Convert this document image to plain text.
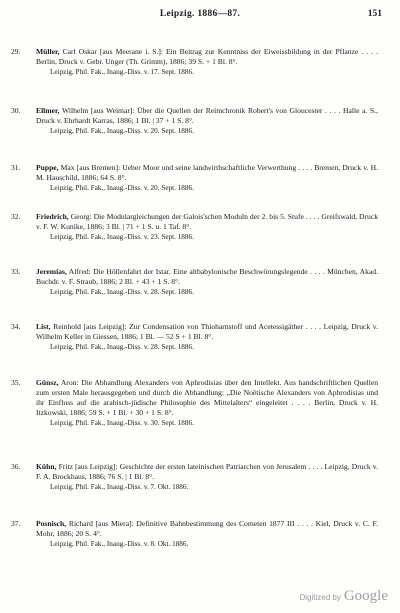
Leipzig. 1886—87.	151
29.	Müller, Carl Oskar [aus Meerane i. S.]: Ein Beitrag zur Kenntniss der Eiweissbildung in der Pflanze . . . . Berlin, Druck v. Gebr. Unger (Th. Grimm), 1886; 39 S. + 1 Bl. 8°.
Leipzig, Phil. Fak., Inaug.-Diss. v. 17. Sept. 1886.
30.	Ellmer, Wilhelm [aus Weimar]: Über die Quellen der Reimchronik Robert's von Gloucester . . . . Halle a. S., Druck v. Ehrhardt Karras, 1886; 1 Bl. | 37 + 1 S. 8°.
Leipzig, Phil. Fak., Inaug.-Diss. v. 20. Sept. 1886.
31.	Puppe, Max [aus Bremen]: Ueber Moor und seine landwirthschaftliche Verwerthung . . . . Bremen, Druck v. H. M. Hauschild, 1886; 64 S. 8°.
Leipzig, Phil. Fak., Inaug.-Diss. v. 20. Sept. 1886.
32.	Friedrich, Georg: Die Modulargleichungen der Galois'schen Moduln der 2. bis 5. Stufe . . . . Greifswald, Druck v. F. W. Kunike, 1886; 3 Bl. | 71 + 1 S. u. 1 Taf. 8°.
Leipzig, Phil. Fak., Inaug.-Diss. v. 23. Sept. 1886.
33.	Jeremias, Alfred: Die Höllenfahrt der Istar. Eine altbabylonische Beschwörungslegende . . . . München, Akad. Buchdr. v. F. Straub, 1886; 2 Bl. + 43 + 1 S. 8°.
Leipzig, Phil. Fak., Inaug.-Diss. v. 28. Sept. 1886.
34.	List, Reinhold [aus Leipzig]: Zur Condensation von Thioharnstoff und Acetessigäther . . . . Leipzig, Druck v. Wilhelm Keller in Giessen, 1886; 1 Bl. — 52 S + 1 Bl. 8°.
Leipzig, Phil. Fak., Inaug.-Diss. v. 28. Sept. 1886.
35.	Günsz, Aron: Die Abhandlung Alexanders von Aphrodisias über den Intellekt. Aus handschriftlichen Quellen zum ersten Male herausgegeben und durch die Abhandlung: „Die Noëtische Alexanders von Aphrodisias und ihr Einfluss auf die arabisch-jüdische Philosophie des Mittelalters“ eingeleitet . . . . Berlin, Druck v. H. Itzkowski, 1886; 59 S. + 1 Bl. + 30 + 1 S. 8°.
Leipzig, Phil. Fak., Inaug.-Diss. v. 30. Sept. 1886.
36.	Kühn, Fritz [aus Leipzig]: Geschichte der ersten lateinischen Patriarchen von Jerusalem . . . . Leipzig, Druck v. F. A. Brockhaus, 1886; 76 S. | 1 Bl. 8°.
Leipzig, Phil. Fak., Inaug.-Diss. v. 7. Okt. 1886.
37.	Posnisch, Richard [aus Miera]: Definitive Bahnbestimmung des Cometen 1877 III . . . . Kiel, Druck v. C. F. Mohr, 1886; 20 S. 4°.
Leipzig, Phil. Fak., Inaug.-Diss. v. 8. Okt. 1886.
Digitized by Google
